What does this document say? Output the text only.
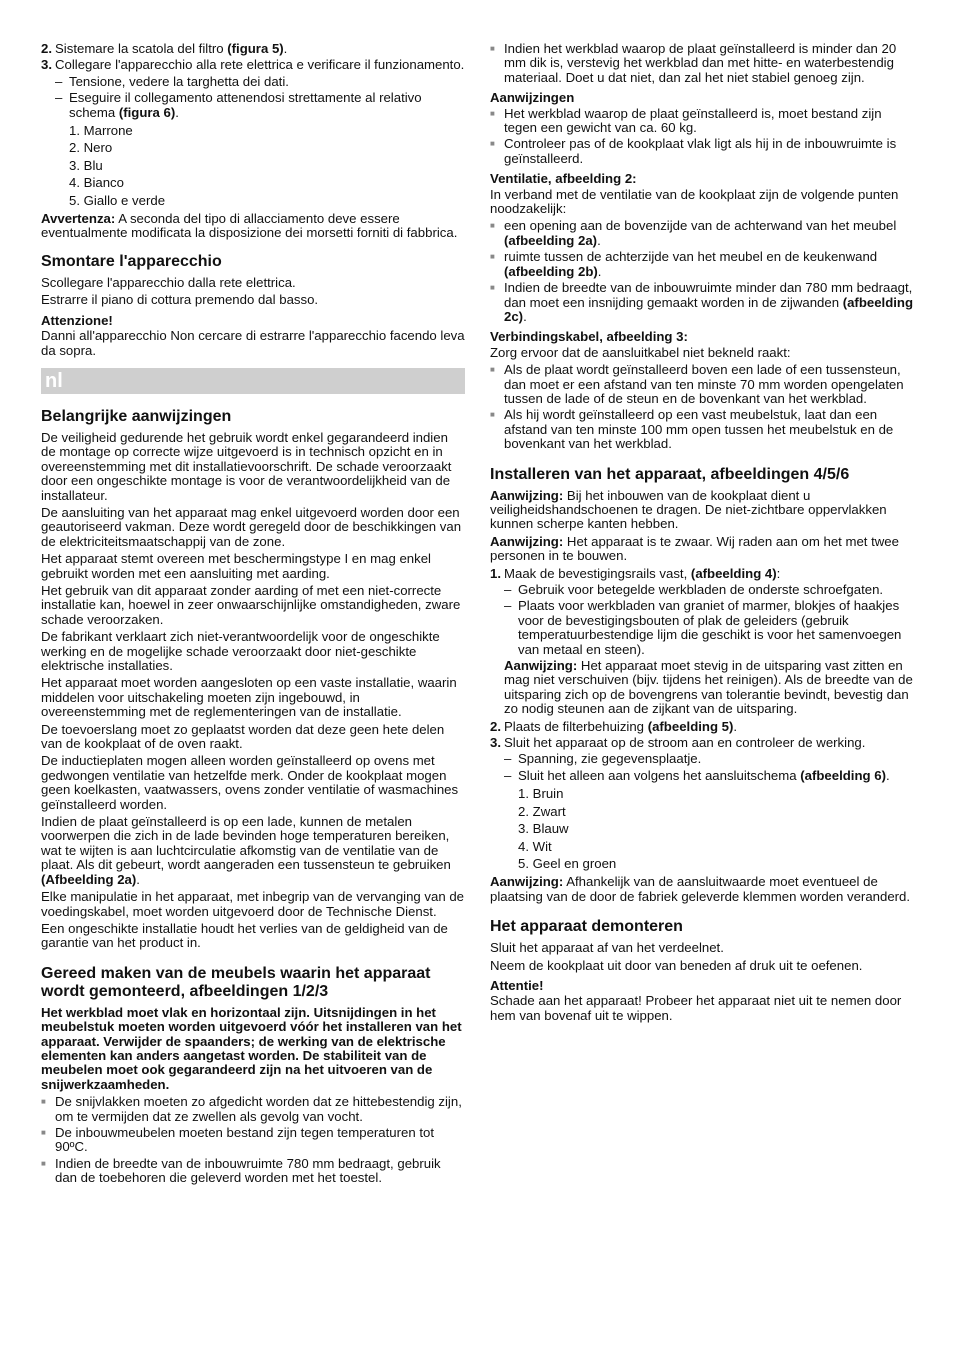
2. Sistemare la scatola del filtro (figura 5).
3. Collegare l'apparecchio alla rete elettrica e verificare il funzionamento.
– Tensione, vedere la targhetta dei dati.
– Eseguire il collegamento attenendosi strettamente al relativo schema (figura 6).
1. Marrone
2. Nero
3. Blu
4. Bianco
5. Giallo e verde

Avvertenza: A seconda del tipo di allacciamento deve essere eventualmente modificata la disposizione dei morsetti forniti di fabbrica.

Smontare l'apparecchio

Scollegare l'apparecchio dalla rete elettrica.

Estrarre il piano di cottura premendo dal basso.

Attenzione!

Danni all'apparecchio Non cercare di estrarre l'apparecchio facendo leva da sopra.

nl
Belangrijke aanwijzingen

De veiligheid gedurende het gebruik wordt enkel gegarandeerd indien de montage op correcte wijze uitgevoerd is in technisch opzicht en in overeenstemming met dit installatievoorschrift. De schade veroorzaakt door een ongeschikte montage is voor de verantwoordelijkheid van de installateur.

De aansluiting van het apparaat mag enkel uitgevoerd worden door een geautoriseerd vakman. Deze wordt geregeld door de beschikkingen van de elektriciteitsmaatschappij van de zone.

Het apparaat stemt overeen met beschermingstype I en mag enkel gebruikt worden met een aansluiting met aarding.

Het gebruik van dit apparaat zonder aarding of met een niet-correcte installatie kan, hoewel in zeer onwaarschijnlijke omstandigheden, zware schade veroorzaken.

De fabrikant verklaart zich niet-verantwoordelijk voor de ongeschikte werking en de mogelijke schade veroorzaakt door niet-geschikte elektrische installaties.

Het apparaat moet worden aangesloten op een vaste installatie, waarin middelen voor uitschakeling moeten zijn ingebouwd, in overeenstemming met de reglementeringen van de installatie.

De toevoerslang moet zo geplaatst worden dat deze geen hete delen van de kookplaat of de oven raakt.

De inductieplaten mogen alleen worden geïnstalleerd op ovens met gedwongen ventilatie van hetzelfde merk. Onder de kookplaat mogen geen koelkasten, vaatwassers, ovens zonder ventilatie of wasmachines geïnstalleerd worden.

Indien de plaat geïnstalleerd is op een lade, kunnen de metalen voorwerpen die zich in de lade bevinden hoge temperaturen bereiken, wat te wijten is aan luchtcirculatie afkomstig van de ventilatie van de plaat. Als dit gebeurt, wordt aangeraden een tussensteun te gebruiken (Afbeelding 2a).

Elke manipulatie in het apparaat, met inbegrip van de vervanging van de voedingskabel, moet worden uitgevoerd door de Technische Dienst.

Een ongeschikte installatie houdt het verlies van de geldigheid van de garantie van het product in.

Gereed maken van de meubels waarin het apparaat wordt gemonteerd, afbeeldingen 1/2/3

Het werkblad moet vlak en horizontaal zijn. Uitsnijdingen in het meubelstuk moeten worden uitgevoerd vóór het installeren van het apparaat. Verwijder de spaanders; de werking van de elektrische elementen kan anders aangetast worden. De stabiliteit van de meubelen moet ook gegarandeerd zijn na het uitvoeren van de snijwerkzaamheden.

■ De snijvlakken moeten zo afgedicht worden dat ze hittebestendig zijn, om te vermijden dat ze zwellen als gevolg van vocht.
■ De inbouwmeubelen moeten bestand zijn tegen temperaturen tot 90ºC.
■ Indien de breedte van de inbouwruimte 780 mm bedraagt, gebruik dan de toebehoren die geleverd worden met het toestel.
■ Indien het werkblad waarop de plaat geïnstalleerd is minder dan 20 mm dik is, verstevig het werkblad dan met hitte- en waterbestendig materiaal. Doet u dat niet, dan zal het niet stabiel genoeg zijn.
Aanwijzingen
■ Het werkblad waarop de plaat geïnstalleerd is, moet bestand zijn tegen een gewicht van ca. 60 kg.
■ Controleer pas of de kookplaat vlak ligt als hij in de inbouwruimte is geïnstalleerd.
Ventilatie, afbeelding 2:

In verband met de ventilatie van de kookplaat zijn de volgende punten noodzakelijk:

■ een opening aan de bovenzijde van de achterwand van het meubel (afbeelding 2a).
■ ruimte tussen de achterzijde van het meubel en de keukenwand (afbeelding 2b).
■ Indien de breedte van de inbouwruimte minder dan 780 mm bedraagt, dan moet een insnijding gemaakt worden in de zijwanden (afbeelding 2c).
Verbindingskabel, afbeelding 3:

Zorg ervoor dat de aansluitkabel niet bekneld raakt:

■ Als de plaat wordt geïnstalleerd boven een lade of een tussensteun, dan moet er een afstand van ten minste 70 mm worden opengelaten tussen de lade of de steun en de bovenkant van het werkblad.
■ Als hij wordt geïnstalleerd op een vast meubelstuk, laat dan een afstand van ten minste 100 mm open tussen het meubelstuk en de bovenkant van het werkblad.
Installeren van het apparaat, afbeeldingen 4/5/6

Aanwijzing: Bij het inbouwen van de kookplaat dient u veiligheidshandschoenen te dragen. De niet-zichtbare oppervlakken kunnen scherpe kanten hebben.

Aanwijzing: Het apparaat is te zwaar. Wij raden aan om het met twee personen in te bouwen.

1. Maak de bevestigingsrails vast, (afbeelding 4):
– Gebruik voor betegelde werkbladen de onderste schroefgaten.
– Plaats voor werkbladen van graniet of marmer, blokjes of haakjes voor de bevestigingsbouten of plak de geleiders (gebruik temperatuurbestendige lijm die geschikt is voor het samenvoegen van metaal en steen).

Aanwijzing: Het apparaat moet stevig in de uitsparing vast zitten en mag niet verschuiven (bijv. tijdens het reinigen). Als de breedte van de uitsparing zich op de bovengrens van tolerantie bevindt, bevestig dan zo nodig steunen aan de zijkant van de uitsparing.

2. Plaats de filterbehuizing (afbeelding 5).
3. Sluit het apparaat op de stroom aan en controleer de werking.
– Spanning, zie gegevensplaatje.
– Sluit het alleen aan volgens het aansluitschema (afbeelding 6).
1. Bruin
2. Zwart
3. Blauw
4. Wit
5. Geel en groen

Aanwijzing: Afhankelijk van de aansluitwaarde moet eventueel de plaatsing van de door de fabriek geleverde klemmen worden veranderd.

Het apparaat demonteren

Sluit het apparaat af van het verdeelnet.

Neem de kookplaat uit door van beneden af druk uit te oefenen.

Attentie!

Schade aan het apparaat! Probeer het apparaat niet uit te nemen door hem van bovenaf uit te wippen.
